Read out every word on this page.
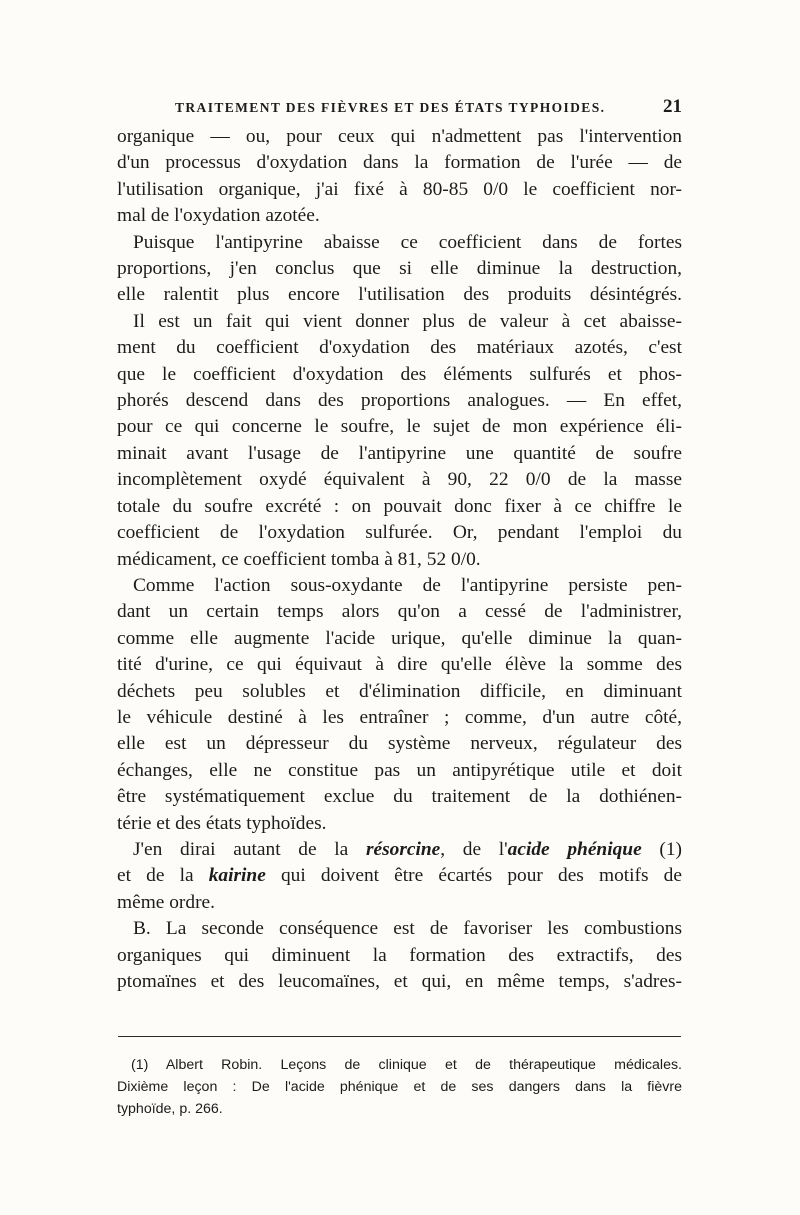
TRAITEMENT DES FIÈVRES ET DES ÉTATS TYPHOIDES.	21
organique — ou, pour ceux qui n'admettent pas l'intervention
d'un processus d'oxydation dans la formation de l'urée — de
l'utilisation organique, j'ai fixé à 80-85 0/0 le coefficient nor-
mal de l'oxydation azotée.
Puisque l'antipyrine abaisse ce coefficient dans de fortes
proportions, j'en conclus que si elle diminue la destruction,
elle ralentit plus encore l'utilisation des produits désintégrés.
Il est un fait qui vient donner plus de valeur à cet abaisse-
ment du coefficient d'oxydation des matériaux azotés, c'est
que le coefficient d'oxydation des éléments sulfurés et phos-
phorés descend dans des proportions analogues. — En effet,
pour ce qui concerne le soufre, le sujet de mon expérience éli-
minait avant l'usage de l'antipyrine une quantité de soufre
incomplètement oxydé équivalent à 90, 22 0/0 de la masse
totale du soufre excrété : on pouvait donc fixer à ce chiffre le
coefficient de l'oxydation sulfurée. Or, pendant l'emploi du
médicament, ce coefficient tomba à 81, 52 0/0.
Comme l'action sous-oxydante de l'antipyrine persiste pen-
dant un certain temps alors qu'on a cessé de l'administrer,
comme elle augmente l'acide urique, qu'elle diminue la quan-
tité d'urine, ce qui équivaut à dire qu'elle élève la somme des
déchets peu solubles et d'élimination difficile, en diminuant
le véhicule destiné à les entraîner ; comme, d'un autre côté,
elle est un dépresseur du système nerveux, régulateur des
échanges, elle ne constitue pas un antipyrétique utile et doit
être systématiquement exclue du traitement de la dothiénen-
térie et des états typhoïdes.
J'en dirai autant de la résorcine, de l'acide phénique (1)
et de la kairine qui doivent être écartés pour des motifs de
même ordre.
B. La seconde conséquence est de favoriser les combustions
organiques qui diminuent la formation des extractifs, des
ptomaïnes et des leucomaïnes, et qui, en même temps, s'adres-
(1) Albert Robin. Leçons de clinique et de thérapeutique médicales.
Dixième leçon : De l'acide phénique et de ses dangers dans la fièvre
typhoïde, p. 266.
